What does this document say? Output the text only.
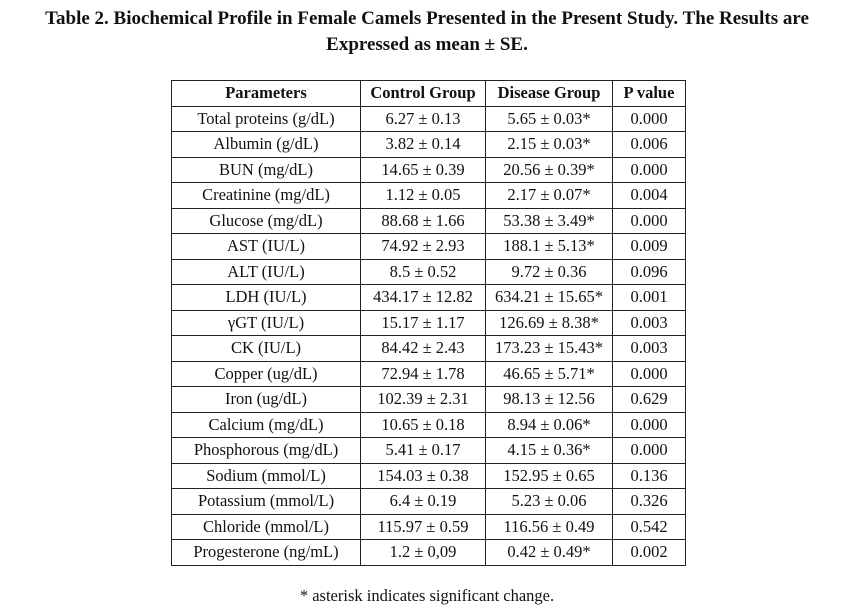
Table 2. Biochemical Profile in Female Camels Presented in the Present Study. The Results are
Expressed as mean ± SE.
Parameters	Control Group	Disease Group	P value
Total proteins (g/dL)	6.27 ± 0.13	5.65 ± 0.03*	0.000
Albumin (g/dL)	3.82 ± 0.14	2.15 ± 0.03*	0.006
BUN (mg/dL)	14.65 ± 0.39	20.56 ± 0.39*	0.000
Creatinine (mg/dL)	1.12 ± 0.05	2.17 ± 0.07*	0.004
Glucose (mg/dL)	88.68 ± 1.66	53.38 ± 3.49*	0.000
AST (IU/L)	74.92 ± 2.93	188.1 ± 5.13*	0.009
ALT (IU/L)	8.5 ± 0.52	9.72 ± 0.36	0.096
LDH (IU/L)	434.17 ± 12.82	634.21 ± 15.65*	0.001
γGT (IU/L)	15.17 ± 1.17	126.69 ± 8.38*	0.003
CK (IU/L)	84.42 ± 2.43	173.23 ± 15.43*	0.003
Copper (ug/dL)	72.94 ± 1.78	46.65 ± 5.71*	0.000
Iron (ug/dL)	102.39 ± 2.31	98.13 ± 12.56	0.629
Calcium (mg/dL)	10.65 ± 0.18	8.94 ± 0.06*	0.000
Phosphorous (mg/dL)	5.41 ± 0.17	4.15 ± 0.36*	0.000
Sodium (mmol/L)	154.03 ± 0.38	152.95 ± 0.65	0.136
Potassium (mmol/L)	6.4 ± 0.19	5.23 ± 0.06	0.326
Chloride (mmol/L)	115.97 ± 0.59	116.56 ± 0.49	0.542
Progesterone (ng/mL)	1.2 ± 0,09	0.42 ± 0.49*	0.002
* asterisk indicates significant change.
